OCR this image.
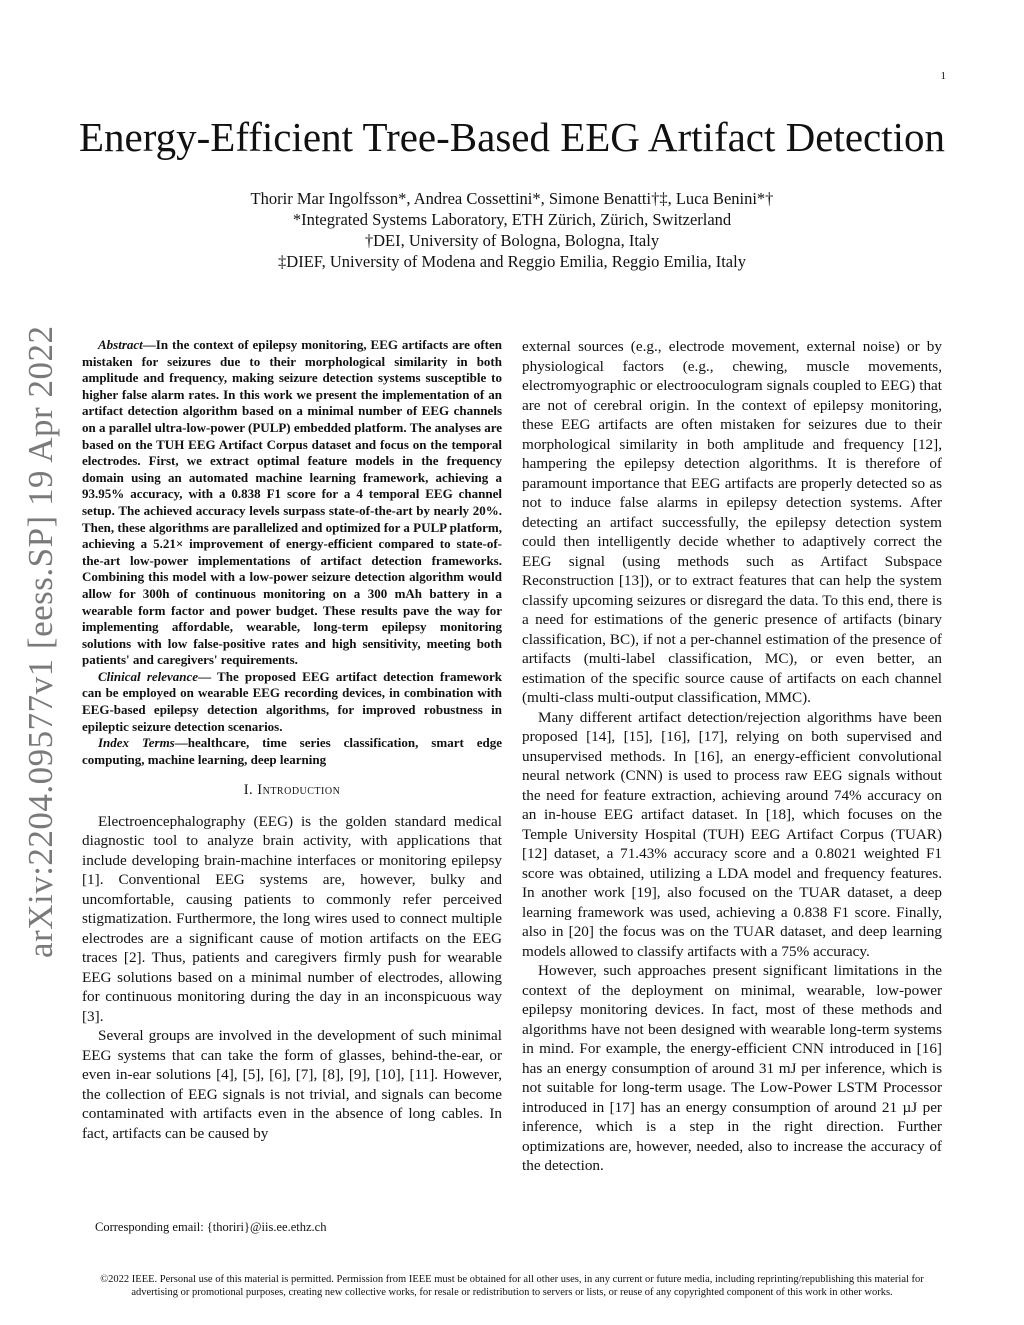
1
arXiv:2204.09577v1 [eess.SP] 19 Apr 2022
Energy-Efficient Tree-Based EEG Artifact Detection
Thorir Mar Ingolfsson*, Andrea Cossettini*, Simone Benatti†‡, Luca Benini*†
*Integrated Systems Laboratory, ETH Zürich, Zürich, Switzerland
†DEI, University of Bologna, Bologna, Italy
‡DIEF, University of Modena and Reggio Emilia, Reggio Emilia, Italy

Abstract—In the context of epilepsy monitoring, EEG artifacts are often mistaken for seizures due to their morphological similarity in both amplitude and frequency, making seizure detection systems susceptible to higher false alarm rates. In this work we present the implementation of an artifact detection algorithm based on a minimal number of EEG channels on a parallel ultra-low-power (PULP) embedded platform. The analyses are based on the TUH EEG Artifact Corpus dataset and focus on the temporal electrodes. First, we extract optimal feature models in the frequency domain using an automated machine learning framework, achieving a 93.95% accuracy, with a 0.838 F1 score for a 4 temporal EEG channel setup. The achieved accuracy levels surpass state-of-the-art by nearly 20%. Then, these algorithms are parallelized and optimized for a PULP platform, achieving a 5.21× improvement of energy-efficient compared to state-of-the-art low-power implementations of artifact detection frameworks. Combining this model with a low-power seizure detection algorithm would allow for 300h of continuous monitoring on a 300 mAh battery in a wearable form factor and power budget. These results pave the way for implementing affordable, wearable, long-term epilepsy monitoring solutions with low false-positive rates and high sensitivity, meeting both patients' and caregivers' requirements.

Clinical relevance— The proposed EEG artifact detection framework can be employed on wearable EEG recording devices, in combination with EEG-based epilepsy detection algorithms, for improved robustness in epileptic seizure detection scenarios.

Index Terms—healthcare, time series classification, smart edge computing, machine learning, deep learning

I. Introduction

Electroencephalography (EEG) is the golden standard medical diagnostic tool to analyze brain activity, with applications that include developing brain-machine interfaces or monitoring epilepsy [1]. Conventional EEG systems are, however, bulky and uncomfortable, causing patients to commonly refer perceived stigmatization. Furthermore, the long wires used to connect multiple electrodes are a significant cause of motion artifacts on the EEG traces [2]. Thus, patients and caregivers firmly push for wearable EEG solutions based on a minimal number of electrodes, allowing for continuous monitoring during the day in an inconspicuous way [3].

Several groups are involved in the development of such minimal EEG systems that can take the form of glasses, behind-the-ear, or even in-ear solutions [4], [5], [6], [7], [8], [9], [10], [11]. However, the collection of EEG signals is not trivial, and signals can become contaminated with artifacts even in the absence of long cables. In fact, artifacts can be caused by

external sources (e.g., electrode movement, external noise) or by physiological factors (e.g., chewing, muscle movements, electromyographic or electrooculogram signals coupled to EEG) that are not of cerebral origin. In the context of epilepsy monitoring, these EEG artifacts are often mistaken for seizures due to their morphological similarity in both amplitude and frequency [12], hampering the epilepsy detection algorithms. It is therefore of paramount importance that EEG artifacts are properly detected so as not to induce false alarms in epilepsy detection systems. After detecting an artifact successfully, the epilepsy detection system could then intelligently decide whether to adaptively correct the EEG signal (using methods such as Artifact Subspace Reconstruction [13]), or to extract features that can help the system classify upcoming seizures or disregard the data. To this end, there is a need for estimations of the generic presence of artifacts (binary classification, BC), if not a per-channel estimation of the presence of artifacts (multi-label classification, MC), or even better, an estimation of the specific source cause of artifacts on each channel (multi-class multi-output classification, MMC).

Many different artifact detection/rejection algorithms have been proposed [14], [15], [16], [17], relying on both supervised and unsupervised methods. In [16], an energy-efficient convolutional neural network (CNN) is used to process raw EEG signals without the need for feature extraction, achieving around 74% accuracy on an in-house EEG artifact dataset. In [18], which focuses on the Temple University Hospital (TUH) EEG Artifact Corpus (TUAR) [12] dataset, a 71.43% accuracy score and a 0.8021 weighted F1 score was obtained, utilizing a LDA model and frequency features. In another work [19], also focused on the TUAR dataset, a deep learning framework was used, achieving a 0.838 F1 score. Finally, also in [20] the focus was on the TUAR dataset, and deep learning models allowed to classify artifacts with a 75% accuracy.

However, such approaches present significant limitations in the context of the deployment on minimal, wearable, low-power epilepsy monitoring devices. In fact, most of these methods and algorithms have not been designed with wearable long-term systems in mind. For example, the energy-efficient CNN introduced in [16] has an energy consumption of around 31 mJ per inference, which is not suitable for long-term usage. The Low-Power LSTM Processor introduced in [17] has an energy consumption of around 21 µJ per inference, which is a step in the right direction. Further optimizations are, however, needed, also to increase the accuracy of the detection.

Corresponding email: {thoriri}@iis.ee.ethz.ch
©2022 IEEE. Personal use of this material is permitted. Permission from IEEE must be obtained for all other uses, in any current or future media, including reprinting/republishing this material for advertising or promotional purposes, creating new collective works, for resale or redistribution to servers or lists, or reuse of any copyrighted component of this work in other works.
